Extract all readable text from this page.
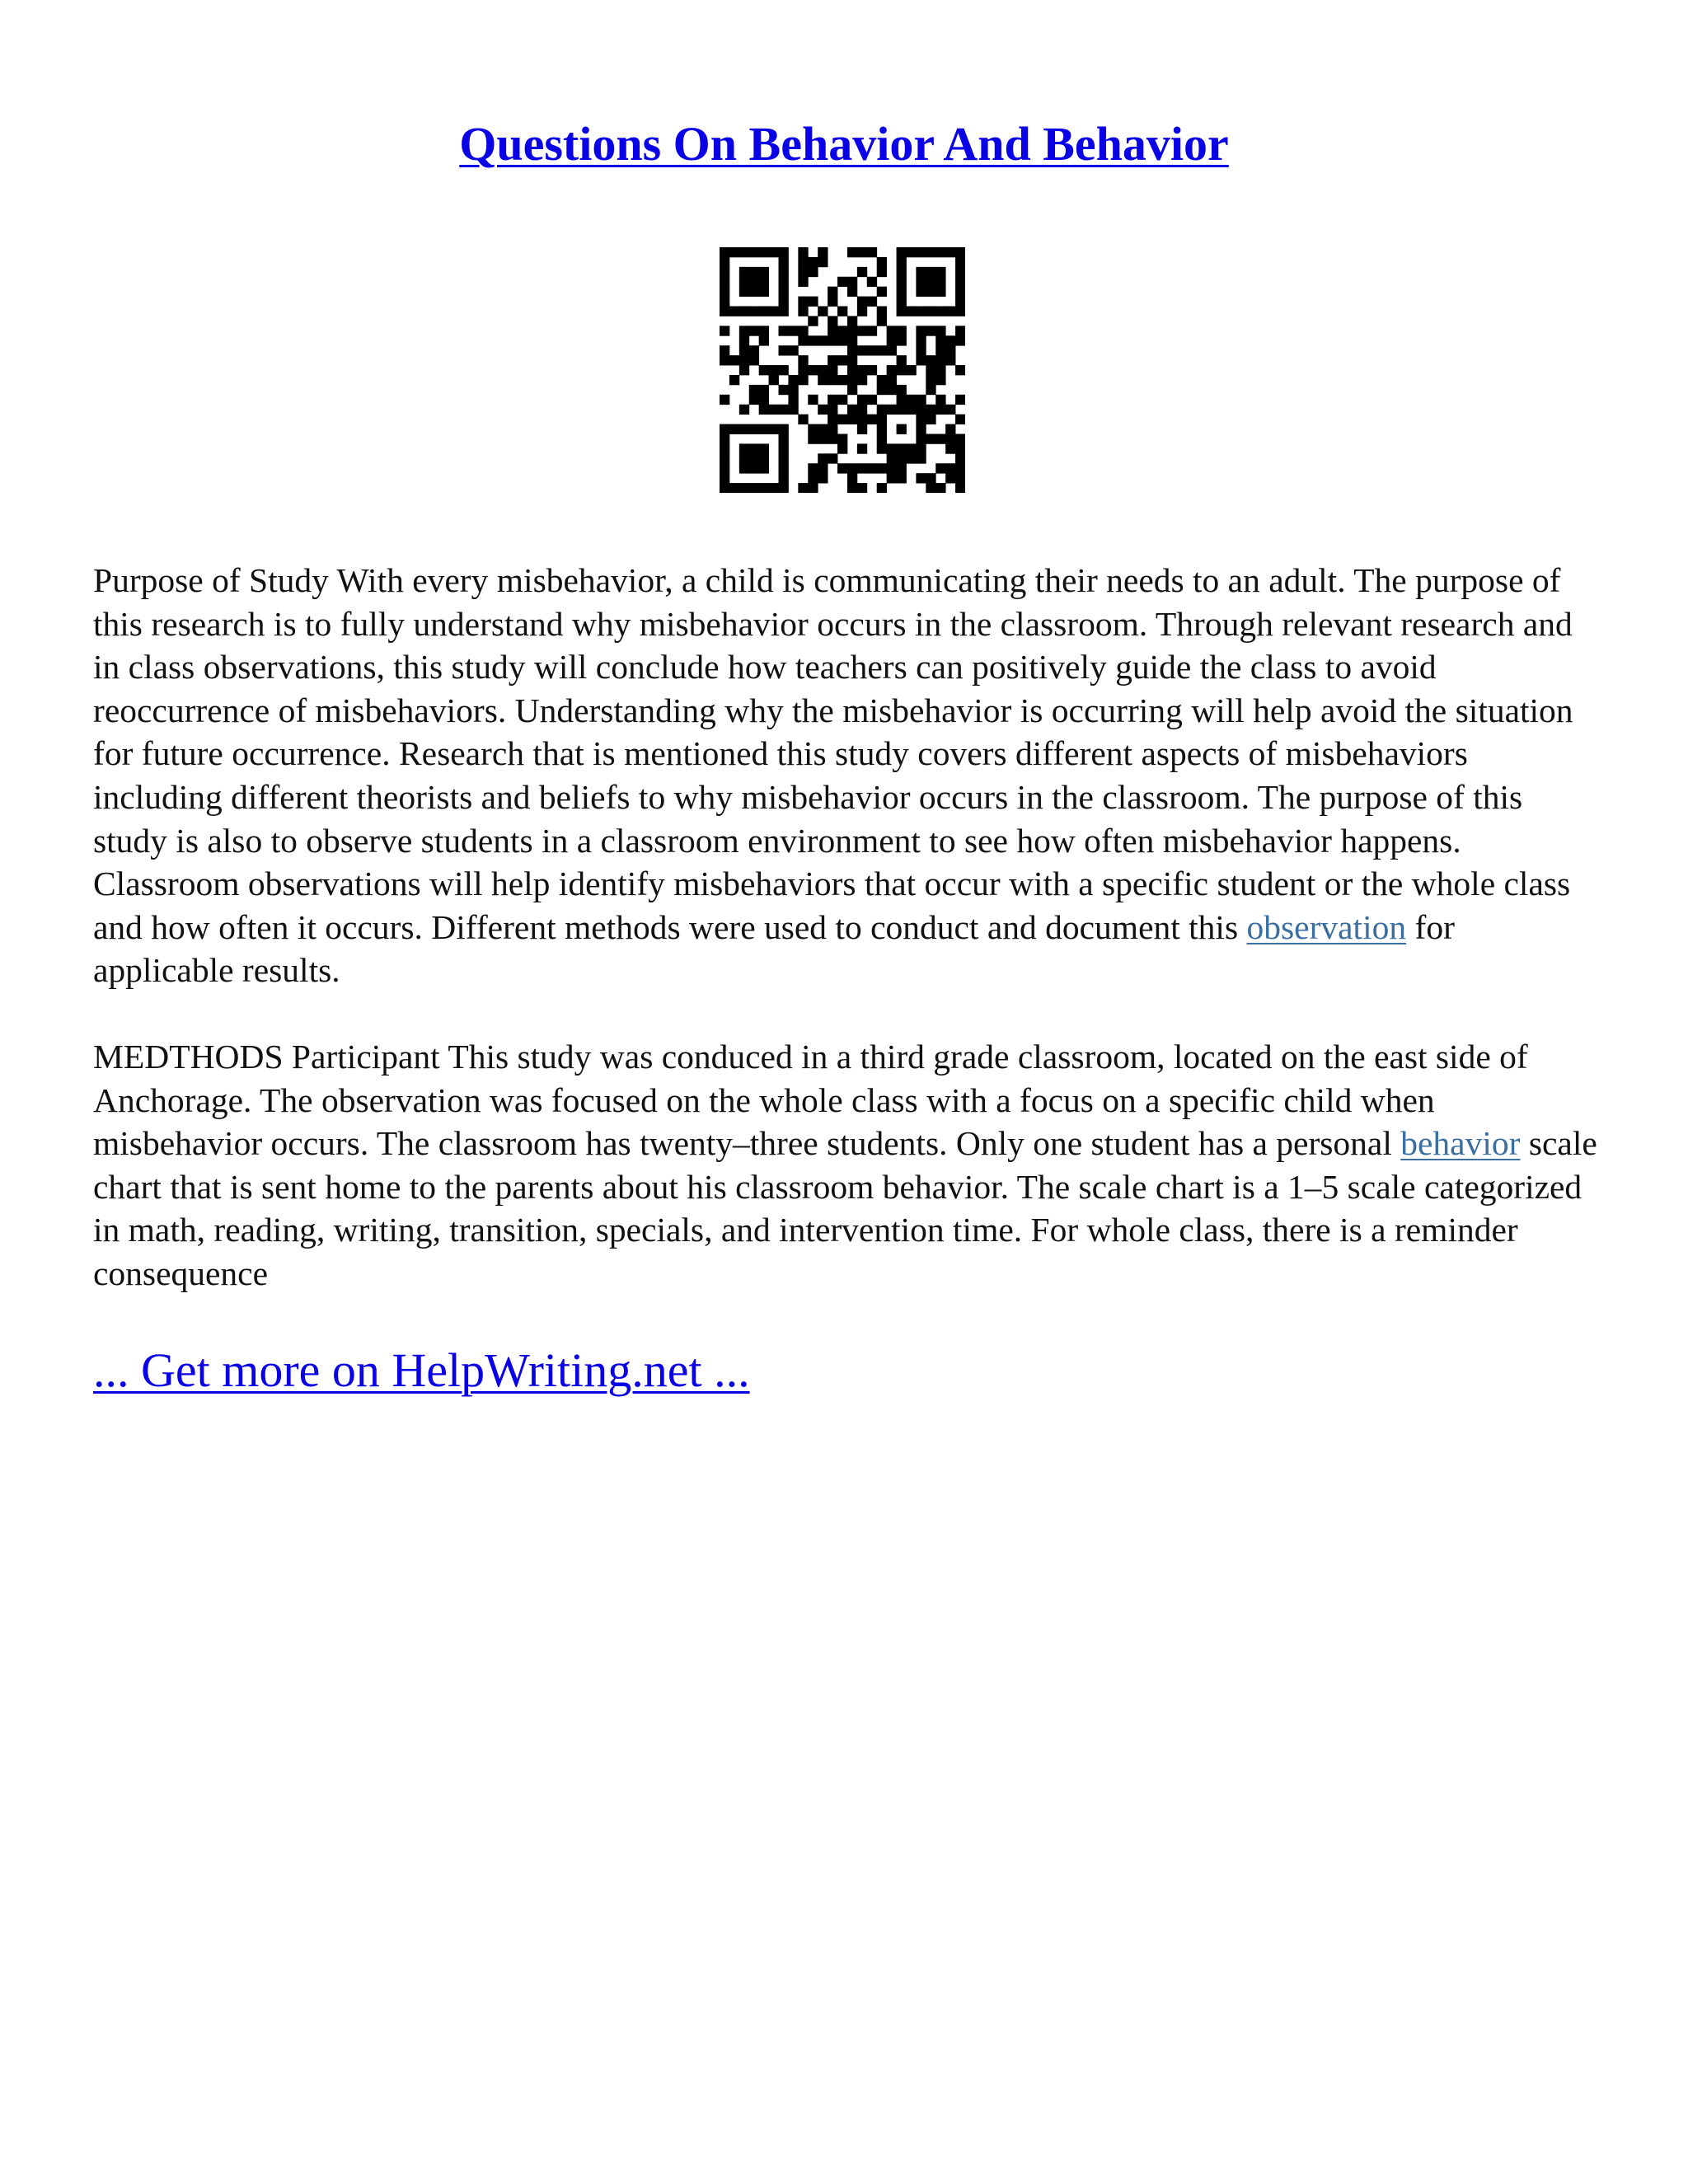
Questions On Behavior And Behavior

Purpose of Study With every misbehavior, a child is communicating their needs to an adult. The purpose of this research is to fully understand why misbehavior occurs in the classroom. Through relevant research and in class observations, this study will conclude how teachers can positively guide the class to avoid reoccurrence of misbehaviors. Understanding why the misbehavior is occurring will help avoid the situation for future occurrence. Research that is mentioned this study covers different aspects of misbehaviors including different theorists and beliefs to why misbehavior occurs in the classroom. The purpose of this study is also to observe students in a classroom environment to see how often misbehavior happens. Classroom observations will help identify misbehaviors that occur with a specific student or the whole class and how often it occurs. Different methods were used to conduct and document this observation for applicable results.

MEDTHODS Participant This study was conduced in a third grade classroom, located on the east side of Anchorage. The observation was focused on the whole class with a focus on a specific child when misbehavior occurs. The classroom has twenty–three students. Only one student has a personal behavior scale chart that is sent home to the parents about his classroom behavior. The scale chart is a 1–5 scale categorized in math, reading, writing, transition, specials, and intervention time. For whole class, there is a reminder consequence

... Get more on HelpWriting.net ...
